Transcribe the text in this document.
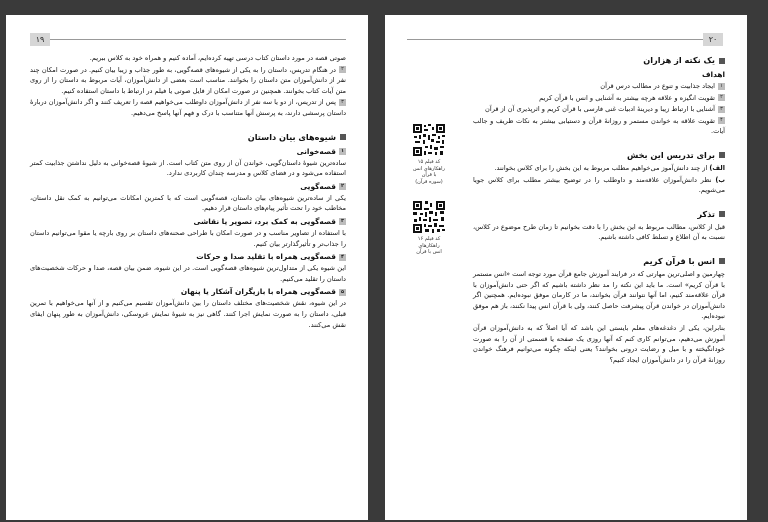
۱۹

صوتی قصه در مورد داستان کتاب درسی تهیه کرده‌ایم، آماده کنیم و همراه خود به کلاس ببریم.

۲در هنگام تدریس، داستان را به یکی از شیوه‌های قصه‌گویی، به طور جذاب و زیبا بیان کنیم. در صورت امکان چند نفر از دانش‌آموزان متن داستان را بخوانند. مناسب است بعضی از دانش‌آموزان، آیات مربوط به داستان را از روی متن آیات کتاب بخوانند. همچنین در صورت امکان از فایل صوتی یا فیلم در ارتباط با داستان استفاده کنیم.

۳پس از تدریس، از دو یا سه نفر از دانش‌آموزان داوطلب می‌خواهیم قصه را تعریف کنند و اگر دانش‌آموزان دربارهٔ داستان پرسشی دارند، به پرسش آنها متناسب با درک و فهم آنها پاسخ می‌دهیم.

شیوه‌های بیان داستان
۱قصه‌خوانی

ساده‌ترین شیوهٔ داستان‌گویی، خواندن آن از روی متن کتاب است. از شیوهٔ قصه‌خوانی به دلیل نداشتن جذابیت کمتر استفاده می‌شود و در فضای کلاس و مدرسه چندان کاربردی ندارد.

۲قصه‌گویی

یکی از ساده‌ترین شیوه‌های بیان داستان، قصه‌گویی است که با کمترین امکانات می‌توانیم به کمک نقل داستان، مخاطب خود را تحت تأثیر پیام‌های داستان قرار دهیم.

۳قصه‌گویی به کمک برد، تصویر یا نقاشی

با استفاده از تصاویر مناسب و در صورت امکان با طراحی صحنه‌های داستان بر روی بارچه یا مقوا می‌توانیم داستان را جذاب‌تر و تأثیرگذارتر بیان کنیم.

۴قصه‌گویی همراه با تقلید صدا و حرکات

این شیوه یکی از متداول‌ترین شیوه‌های قصه‌گویی است. در این شیوه، ضمن بیان قصه، صدا و حرکات شخصیت‌های داستان را تقلید می‌کنیم.

۵قصه‌گویی همراه با بازیگران آشکار یا پنهان

در این شیوه، نقش شخصیت‌های مختلف داستان را بین دانش‌آموزان تقسیم می‌کنیم و از آنها می‌خواهیم با تمرین قبلی، داستان را به صورت نمایش اجرا کنند. گاهی نیز به شیوهٔ نمایش عروسکی، دانش‌آموزان به طور پنهان ایفای نقش می‌کنند.

۲۰
یک نکته از هزاران
اهداف

۱ایجاد جذابیت و تنوع در مطالب درس قرآن

۲تقویت انگیزه و علاقه هرچه بیشتر به آشنایی و انس با قرآن کریم

۳آشنایی با ارتباط زیبا و دیرینهٔ ادبیات غنی فارسی با قرآن کریم و اثرپذیری آن از قرآن

۴تقویت علاقه به خواندن مستمر و روزانهٔ قرآن و دستیابی بیشتر به نکات ظریف و جالب آیات.

برای تدریس این بخش

الف) از چند دانش‌آموز می‌خواهیم مطلب مربوط به این بخش را برای کلاس بخوانند.

ب) نظر دانش‌آموزان علاقه‌مند و داوطلب را در توضیح بیشتر مطلب برای کلاس جویا می‌شویم.

تذکر

قبل از کلاس، مطالب مربوط به این بخش را با دقت بخوانیم تا زمان طرح موضوع در کلاس، نسبت به آن اطلاع و تسلط کافی داشته باشیم.

انس با قرآن کریم

چهارمین و اصلی‌ترین مهارتی که در فرایند آموزش جامع قرآن مورد توجه است «انس مستمر با قرآن کریم» است. ما باید این نکته را مد نظر داشته باشیم که اگر حتی دانش‌آموزان با قرآن علاقه‌مند کنیم، اما آنها نتوانند قرآن بخوانند، ما در کارمان موفق نبوده‌ایم. همچنین اگر دانش‌آموزان در خواندن قرآن پیشرفت حاصل کنند، ولی با قرآن انس پیدا نکنند، باز هم موفق نبوده‌ایم.

بنابراین، یکی از دغدغه‌های معلم بایستی این باشد که آیا اصلاً که به دانش‌آموزان قرآن آموزش می‌دهیم، می‌توانم کاری کنم که آنها روزی یک صفحه یا قسمتی از آن را به صورت خودانگیخته و با میل و رضایت درونی بخوانند؟ یعنی اینکه چگونه می‌توانیم فرهنگ خواندن روزانهٔ قرآن را در دانش‌آموزان ایجاد کنیم؟

کد فیلم ۱۵
راهکارهای انس با قرآن
(سوره قرآن)
کد فیلم ۱۶
راهکارهای
انس با قرآن
